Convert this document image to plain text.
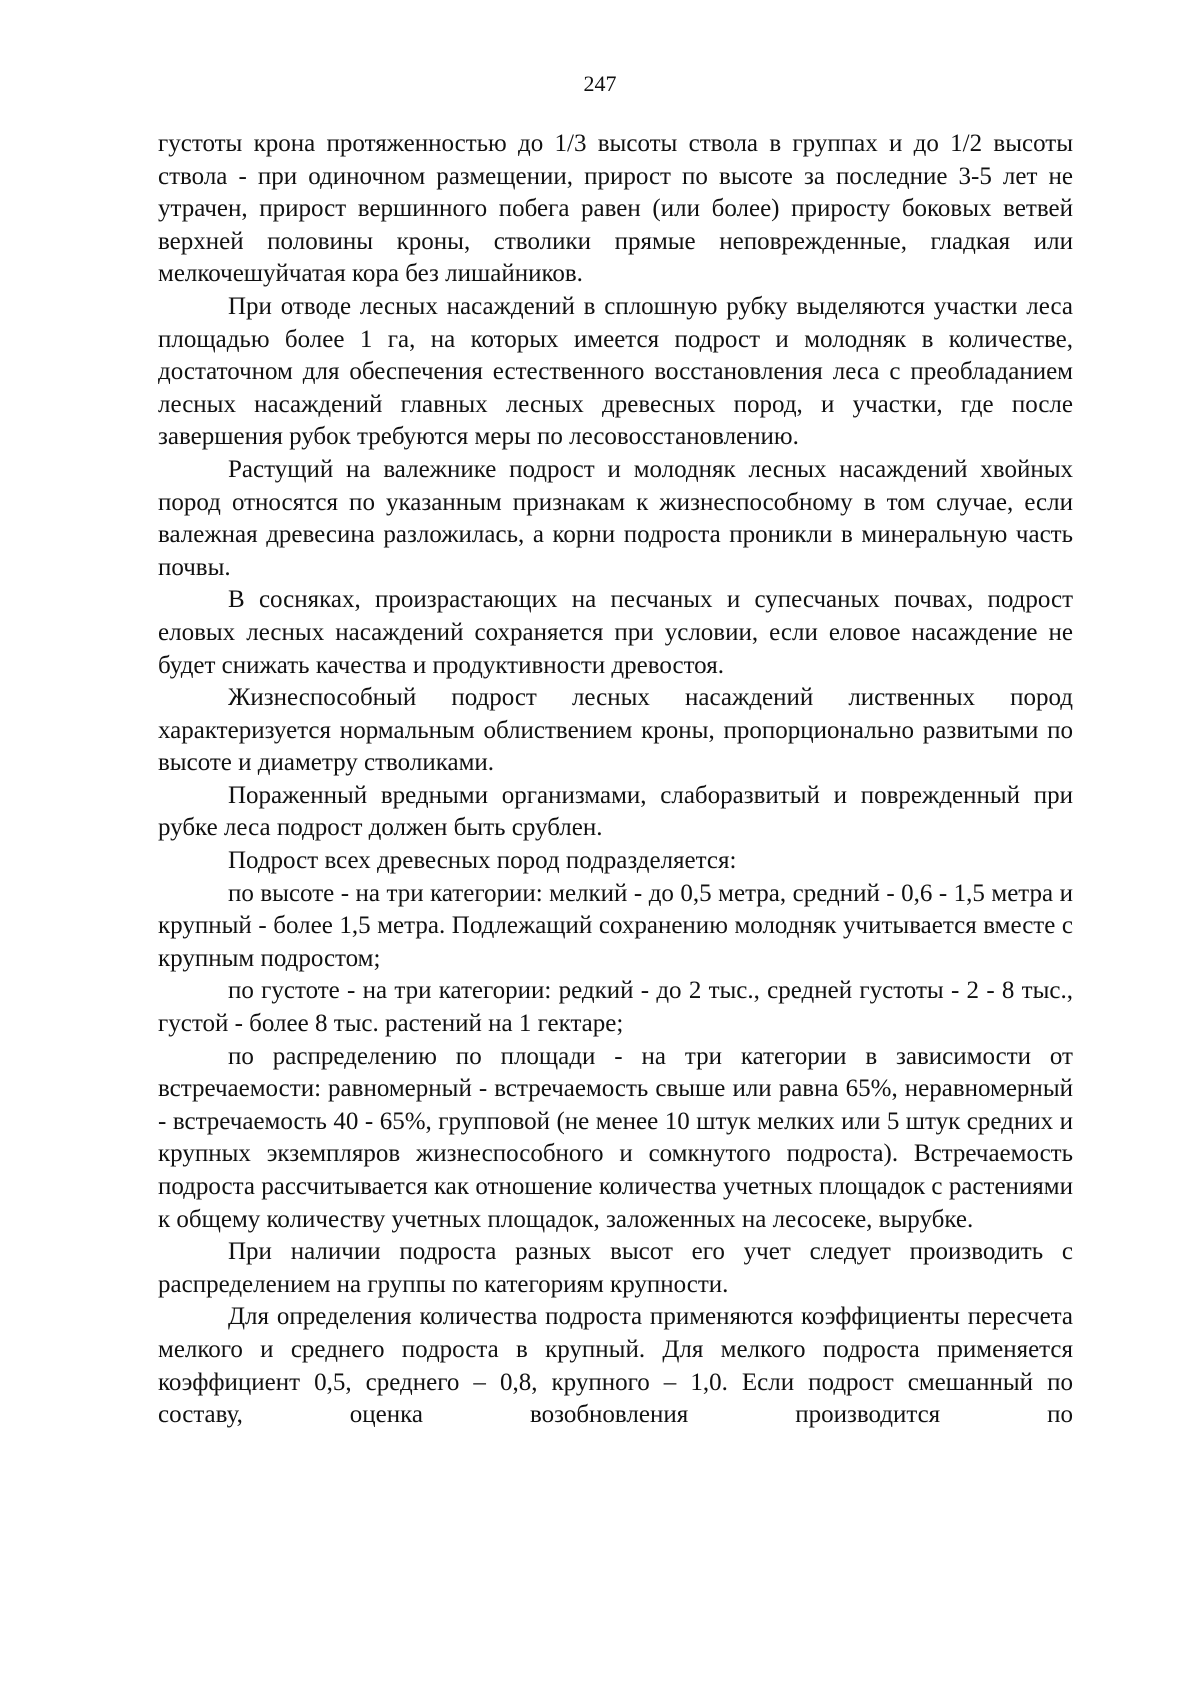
247

густоты крона протяженностью до 1/3 высоты ствола в группах и до 1/2 высоты ствола - при одиночном размещении, прирост по высоте за последние 3-5 лет не утрачен, прирост вершинного побега равен (или более) приросту боковых ветвей верхней половины кроны, стволики прямые неповрежденные, гладкая или мелкочешуйчатая кора без лишайников.

При отводе лесных насаждений в сплошную рубку выделяются участки леса площадью более 1 га, на которых имеется подрост и молодняк в количестве, достаточном для обеспечения естественного восстановления леса с преобладанием лесных насаждений главных лесных древесных пород, и участки, где после завершения рубок требуются меры по лесовосстановлению.

Растущий на валежнике подрост и молодняк лесных насаждений хвойных пород относятся по указанным признакам к жизнеспособному в том случае, если валежная древесина разложилась, а корни подроста проникли в минеральную часть почвы.

В сосняках, произрастающих на песчаных и супесчаных почвах, подрост еловых лесных насаждений сохраняется при условии, если еловое насаждение не будет снижать качества и продуктивности древостоя.

Жизнеспособный подрост лесных насаждений лиственных пород характеризуется нормальным облиствением кроны, пропорционально развитыми по высоте и диаметру стволиками.

Пораженный вредными организмами, слаборазвитый и поврежденный при рубке леса подрост должен быть срублен.

Подрост всех древесных пород подразделяется:

по высоте - на три категории: мелкий - до 0,5 метра, средний - 0,6 - 1,5 метра и крупный - более 1,5 метра. Подлежащий сохранению молодняк учитывается вместе с крупным подростом;

по густоте - на три категории: редкий - до 2 тыс., средней густоты - 2 - 8 тыс., густой - более 8 тыс. растений на 1 гектаре;

по распределению по площади - на три категории в зависимости от встречаемости: равномерный - встречаемость свыше или равна 65%, неравномерный - встречаемость 40 - 65%, групповой (не менее 10 штук мелких или 5 штук средних и крупных экземпляров жизнеспособного и сомкнутого подроста). Встречаемость подроста рассчитывается как отношение количества учетных площадок с растениями к общему количеству учетных площадок, заложенных на лесосеке, вырубке.

При наличии подроста разных высот его учет следует производить с распределением на группы по категориям крупности.

Для определения количества подроста применяются коэффициенты пересчета мелкого и среднего подроста в крупный. Для мелкого подроста применяется коэффициент 0,5, среднего – 0,8, крупного – 1,0. Если подрост смешанный по составу, оценка возобновления производится по
